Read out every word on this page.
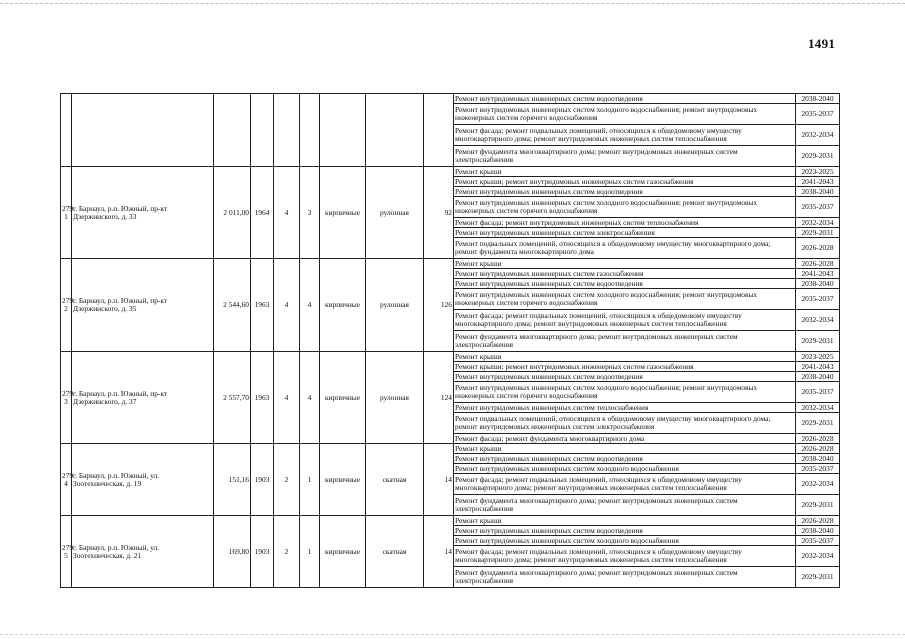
1491
									Ремонт внутридомовых инженерных систем водоотведения	2038-2040
									Ремонт внутридомовых инженерных систем холодного водоснабжения; ремонт внутридомовых инженерных систем горячего водоснабжения	2035-2037
									Ремонт фасада; ремонт подвальных помещений, относящихся к общедомовому имуществу многоквартирного дома; ремонт внутридомовых инженерных систем теплоснабжения	2032-2034
									Ремонт фундамента многоквартирного дома; ремонт внутридомовых инженерных систем электроснабжения	2029-2031
279 1	г. Барнаул, р.п. Южный, пр-кт Дзержинского, д. 33	2 011,00	1964	4	3	кирпичные	рулонная	92	Ремонт крыши	2023-2025
									Ремонт крыши; ремонт внутридомовых инженерных систем газоснабжения	2041-2043
									Ремонт внутридомовых инженерных систем водоотведения	2038-2040
									Ремонт внутридомовых инженерных систем холодного водоснабжения; ремонт внутридомовых инженерных систем горячего водоснабжения	2035-2037
									Ремонт фасада; ремонт внутридомовых инженерных систем теплоснабжения	2032-2034
									Ремонт внутридомовых инженерных систем электроснабжения	2029-2031
									Ремонт подвальных помещений, относящихся к общедомовому имуществу многоквартирного дома; ремонт фундамента многоквартирного дома	2026-2028
279 2	г. Барнаул, р.п. Южный, пр-кт Дзержинского, д. 35	2 544,60	1963	4	4	кирпичные	рулонная	126	Ремонт крыши	2026-2028
									Ремонт внутридомовых инженерных систем газоснабжения	2041-2043
									Ремонт внутридомовых инженерных систем водоотведения	2038-2040
									Ремонт внутридомовых инженерных систем холодного водоснабжения; ремонт внутридомовых инженерных систем горячего водоснабжения	2035-2037
									Ремонт фасада; ремонт подвальных помещений, относящихся к общедомовому имуществу многоквартирного дома; ремонт внутридомовых инженерных систем теплоснабжения	2032-2034
									Ремонт фундамента многоквартирного дома; ремонт внутридомовых инженерных систем электроснабжения	2029-2031
279 3	г. Барнаул, р.п. Южный, пр-кт Дзержинского, д. 37	2 557,70	1963	4	4	кирпичные	рулонная	124	Ремонт крыши	2023-2025
									Ремонт крыши; ремонт внутридомовых инженерных систем газоснабжения	2041-2043
									Ремонт внутридомовых инженерных систем водоотведения	2038-2040
									Ремонт внутридомовых инженерных систем холодного водоснабжения; ремонт внутридомовых инженерных систем горячего водоснабжения	2035-2037
									Ремонт внутридомовых инженерных систем теплоснабжения	2032-2034
									Ремонт подвальных помещений, относящихся к общедомовому имуществу многоквартирного дома; ремонт внутридомовых инженерных систем электроснабжения	2029-2031
									Ремонт фасада; ремонт фундамента многоквартирного дома	2026-2028
279 4	г. Барнаул, р.п. Южный, ул. Зоотехническая, д. 19	151,16	1903	2	1	кирпичные	скатная	14	Ремонт крыши	2026-2028
									Ремонт внутридомовых инженерных систем водоотведения	2038-2040
									Ремонт внутридомовых инженерных систем холодного водоснабжения	2035-2037
									Ремонт фасада; ремонт подвальных помещений, относящихся к общедомовому имуществу многоквартирного дома; ремонт внутридомовых инженерных систем теплоснабжения	2032-2034
									Ремонт фундамента многоквартирного дома; ремонт внутридомовых инженерных систем электроснабжения	2029-2031
279 5	г. Барнаул, р.п. Южный, ул. Зоотехническая, д. 21	169,80	1903	2	1	кирпичные	скатная	14	Ремонт крыши	2026-2028
									Ремонт внутридомовых инженерных систем водоотведения	2038-2040
									Ремонт внутридомовых инженерных систем холодного водоснабжения	2035-2037
									Ремонт фасада; ремонт подвальных помещений, относящихся к общедомовому имуществу многоквартирного дома; ремонт внутридомовых инженерных систем теплоснабжения	2032-2034
									Ремонт фундамента многоквартирного дома; ремонт внутридомовых инженерных систем электроснабжения	2029-2031
